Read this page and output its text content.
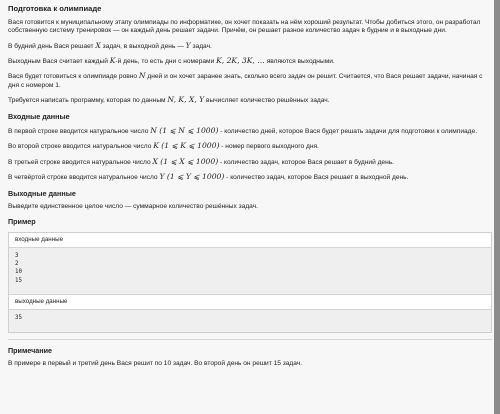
Подготовка к олимпиаде

Вася готовится к муниципальному этапу олимпиады по информатике, он хочет показать на нём хороший результат. Чтобы добиться этого, он разработал собственную систему тренировок — он каждый день решает задачи. Причём, он решает разное количество задач в будние и в выходные дни.

В будний день Вася решает X задач, в выходной день — Y задач.

Выходным Вася считает каждый K-й день, то есть дни с номерами K, 2K, 3K, … являются выходными.

Вася будет готовиться к олимпиаде ровно N дней и он хочет заранее знать, сколько всего задач он решит. Считается, что Вася решает задачи, начиная с дня с номером 1.

Требуется написать программу, которая по данным N, K, X, Y вычисляет количество решённых задач.

Входные данные

В первой строке вводится натуральное число N (1 ⩽ N ⩽ 1000) - количество дней, которое Вася будет решать задачи для подготовки к олимпиаде.

Во второй строке вводится натуральное число K (1 ⩽ K ⩽ 1000) - номер первого выходного дня.

В третьей строке вводится натуральное число X (1 ⩽ X ⩽ 1000) - количество задач, которое Вася решает в будний день.

В четвёртой строке вводится натуральное число Y (1 ⩽ Y ⩽ 1000) - количество задач, которое Вася решает в выходной день.

Выходные данные

Выведите единственное целое число — суммарное количество решённых задач.

Пример
входные данные
3
2
10
15
выходные данные
35
Примечание

В примере в первый и третий день Вася решит по 10 задач. Во второй день он решит 15 задач.
